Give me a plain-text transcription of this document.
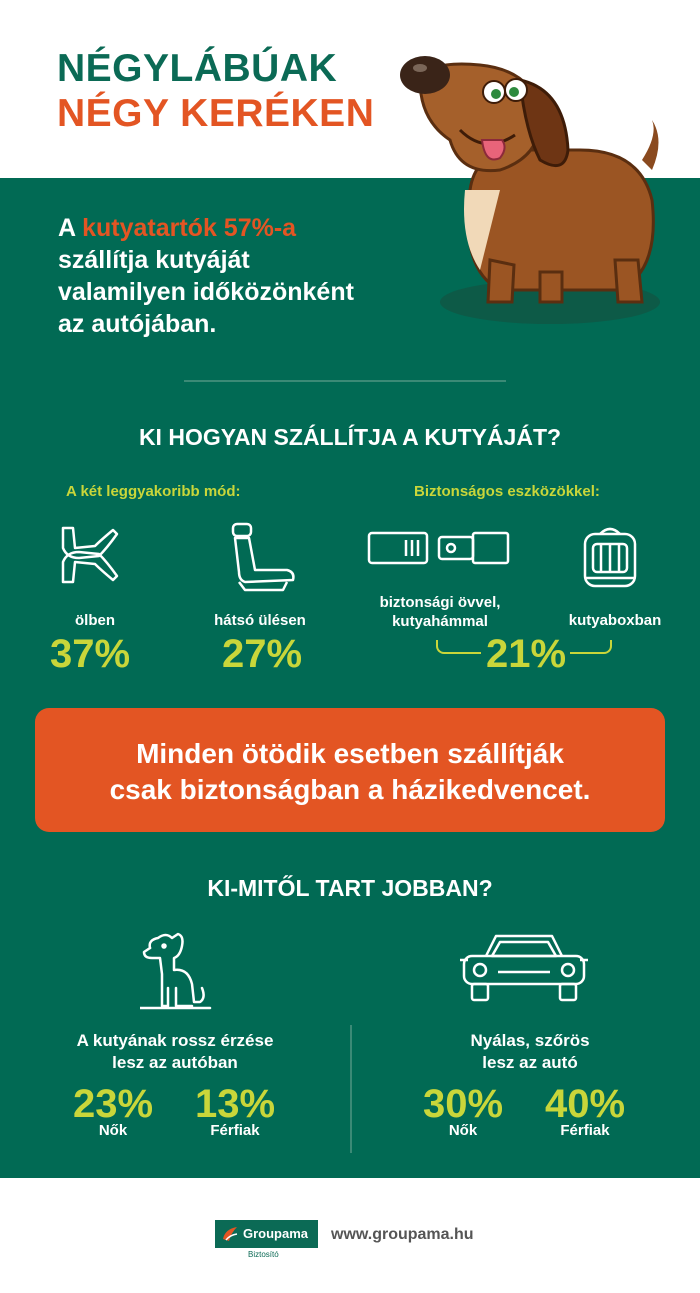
NÉGYLÁBÚAK
NÉGY KERÉKEN
A kutyatartók 57%-a
szállítja kutyáját
valamilyen időközönként
az autójában.
KI HOGYAN SZÁLLÍTJA A KUTYÁJÁT?
A két leggyakoribb mód:	Biztonságos eszközökkel:
ölben	hátsó ülésen
37% 27%
biztonsági övvel,
kutyahámmal	kutyaboxban
21%
Minden ötödik esetben szállítják
csak biztonságban a házikedvencet.
KI-MITŐL TART JOBBAN?
A kutyának rossz érzése
lesz az autóban
Nyálas, szőrös
lesz az autó
23% 13%
Nők	Férfiak
30% 40%
Nők	Férfiak
Groupama
Biztosító
www.groupama.hu
